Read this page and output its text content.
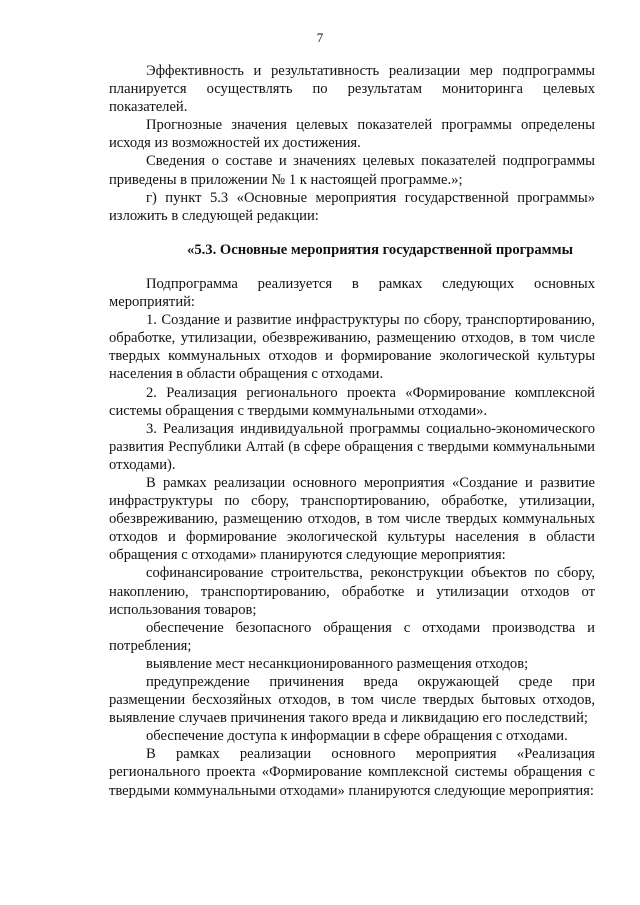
7

Эффективность и результативность реализации мер подпрограммы планируется осуществлять по результатам мониторинга целевых показателей.

Прогнозные значения целевых показателей программы определены исходя из возможностей их достижения.

Сведения о составе и значениях целевых показателей подпрограммы приведены в приложении № 1 к настоящей программе.»;

г) пункт 5.3 «Основные мероприятия государственной программы» изложить в следующей редакции:

«5.3. Основные мероприятия государственной программы

Подпрограмма реализуется в рамках следующих основных мероприятий:

1. Создание и развитие инфраструктуры по сбору, транспортированию, обработке, утилизации, обезвреживанию, размещению отходов, в том числе твердых коммунальных отходов и формирование экологической культуры населения в области обращения с отходами.

2. Реализация регионального проекта «Формирование комплексной системы обращения с твердыми коммунальными отходами».

3. Реализация индивидуальной программы социально-экономического развития Республики Алтай (в сфере обращения с твердыми коммунальными отходами).

В рамках реализации основного мероприятия «Создание и развитие инфраструктуры по сбору, транспортированию, обработке, утилизации, обезвреживанию, размещению отходов, в том числе твердых коммунальных отходов и формирование экологической культуры населения в области обращения с отходами» планируются следующие мероприятия:

софинансирование строительства, реконструкции объектов по сбору, накоплению, транспортированию, обработке и утилизации отходов от использования товаров;

обеспечение безопасного обращения с отходами производства и потребления;

выявление мест несанкционированного размещения отходов;

предупреждение причинения вреда окружающей среде при размещении бесхозяйных отходов, в том числе твердых бытовых отходов, выявление случаев причинения такого вреда и ликвидацию его последствий;

обеспечение доступа к информации в сфере обращения с отходами.

В рамках реализации основного мероприятия «Реализация регионального проекта «Формирование комплексной системы обращения с твердыми коммунальными отходами» планируются следующие мероприятия:
